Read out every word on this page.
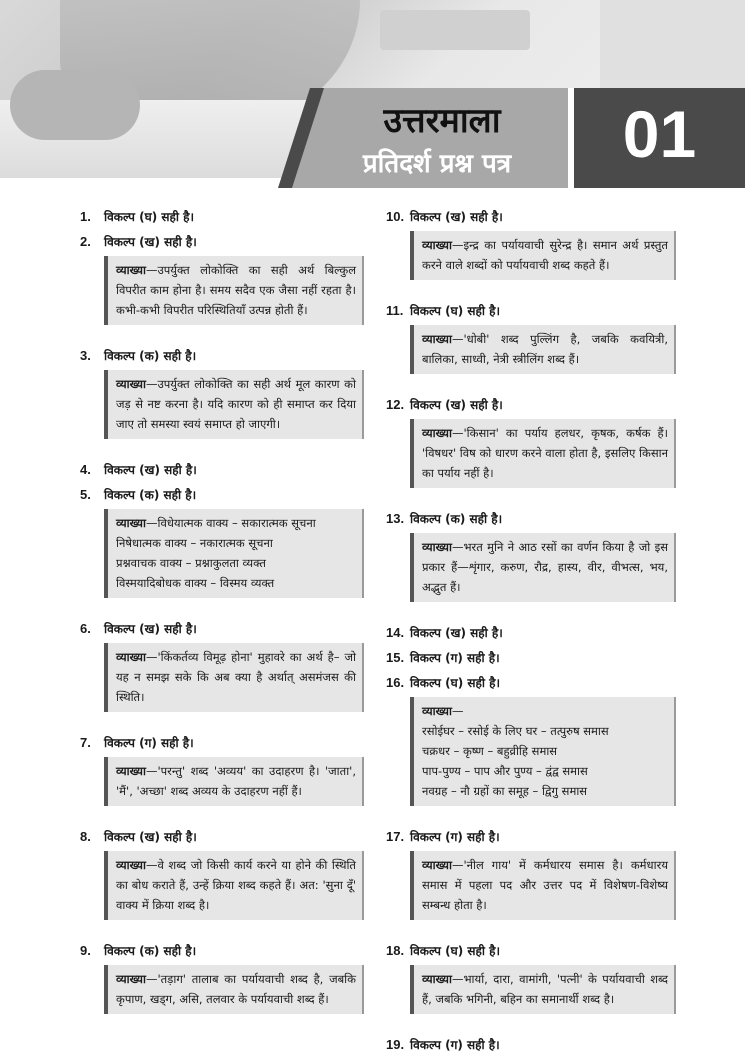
उत्तरमाला
प्रतिदर्श प्रश्न पत्र	01
1.	विकल्प (घ) सही है।
2.	विकल्प (ख) सही है।
व्याख्या—उपर्युक्त लोकोक्ति का सही अर्थ बिल्कुल विपरीत काम होना है। समय सदैव एक जैसा नहीं रहता है। कभी-कभी विपरीत परिस्थितियाँ उत्पन्न होती हैं।
3.	विकल्प (क) सही है।
व्याख्या—उपर्युक्त लोकोक्ति का सही अर्थ मूल कारण को जड़ से नष्ट करना है। यदि कारण को ही समाप्त कर दिया जाए तो समस्या स्वयं समाप्त हो जाएगी।
4.	विकल्प (ख) सही है।
5.	विकल्प (क) सही है।
व्याख्या—विधेयात्मक वाक्य – सकारात्मक सूचना
निषेधात्मक वाक्य – नकारात्मक सूचना
प्रश्नवाचक वाक्य – प्रश्नाकुलता व्यक्त
विस्मयादिबोधक वाक्य – विस्मय व्यक्त
6.	विकल्प (ख) सही है।
व्याख्या—'किंकर्तव्य विमूढ़ होना' मुहावरे का अर्थ है– जो यह न समझ सके कि अब क्या है अर्थात् असमंजस की स्थिति।
7.	विकल्प (ग) सही है।
व्याख्या—'परन्तु' शब्द 'अव्यय' का उदाहरण है। 'जाता', 'मैं', 'अच्छा' शब्द अव्यय के उदाहरण नहीं हैं।
8.	विकल्प (ख) सही है।
व्याख्या—वे शब्द जो किसी कार्य करने या होने की स्थिति का बोध कराते हैं, उन्हें क्रिया शब्द कहते हैं। अत: 'सुना दूँ' वाक्य में क्रिया शब्द है।
9.	विकल्प (क) सही है।
व्याख्या—'तड़ाग' तालाब का पर्यायवाची शब्द है, जबकि कृपाण, खड्ग, असि, तलवार के पर्यायवाची शब्द हैं।
10. विकल्प (ख) सही है।
व्याख्या—इन्द्र का पर्यायवाची सुरेन्द्र है। समान अर्थ प्रस्तुत करने वाले शब्दों को पर्यायवाची शब्द कहते हैं।
11. विकल्प (घ) सही है।
व्याख्या—'धोबी' शब्द पुल्लिंग है, जबकि कवयित्री, बालिका, साध्वी, नेत्री स्त्रीलिंग शब्द हैं।
12. विकल्प (ख) सही है।
व्याख्या—'किसान' का पर्याय हलधर, कृषक, कर्षक हैं। 'विषधर' विष को धारण करने वाला होता है, इसलिए किसान का पर्याय नहीं है।
13. विकल्प (क) सही है।
व्याख्या—भरत मुनि ने आठ रसों का वर्णन किया है जो इस प्रकार हैं—शृंगार, करुण, रौद्र, हास्य, वीर, वीभत्स, भय, अद्भुत हैं।
14. विकल्प (ख) सही है।
15. विकल्प (ग) सही है।
16. विकल्प (घ) सही है।
व्याख्या—
रसोईघर – रसोई के लिए घर – तत्पुरुष समास
चक्रधर – कृष्ण – बहुव्रीहि समास
पाप-पुण्य – पाप और पुण्य – द्वंद्व समास
नवग्रह – नौ ग्रहों का समूह – द्विगु समास
17. विकल्प (ग) सही है।
व्याख्या—'नील गाय' में कर्मधारय समास है। कर्मधारय समास में पहला पद और उत्तर पद में विशेषण-विशेष्य सम्बन्ध होता है।
18. विकल्प (घ) सही है।
व्याख्या—भार्या, दारा, वामांगी, 'पत्नी' के पर्यायवाची शब्द हैं, जबकि भगिनी, बहिन का समानार्थी शब्द है।
19. विकल्प (ग) सही है।
